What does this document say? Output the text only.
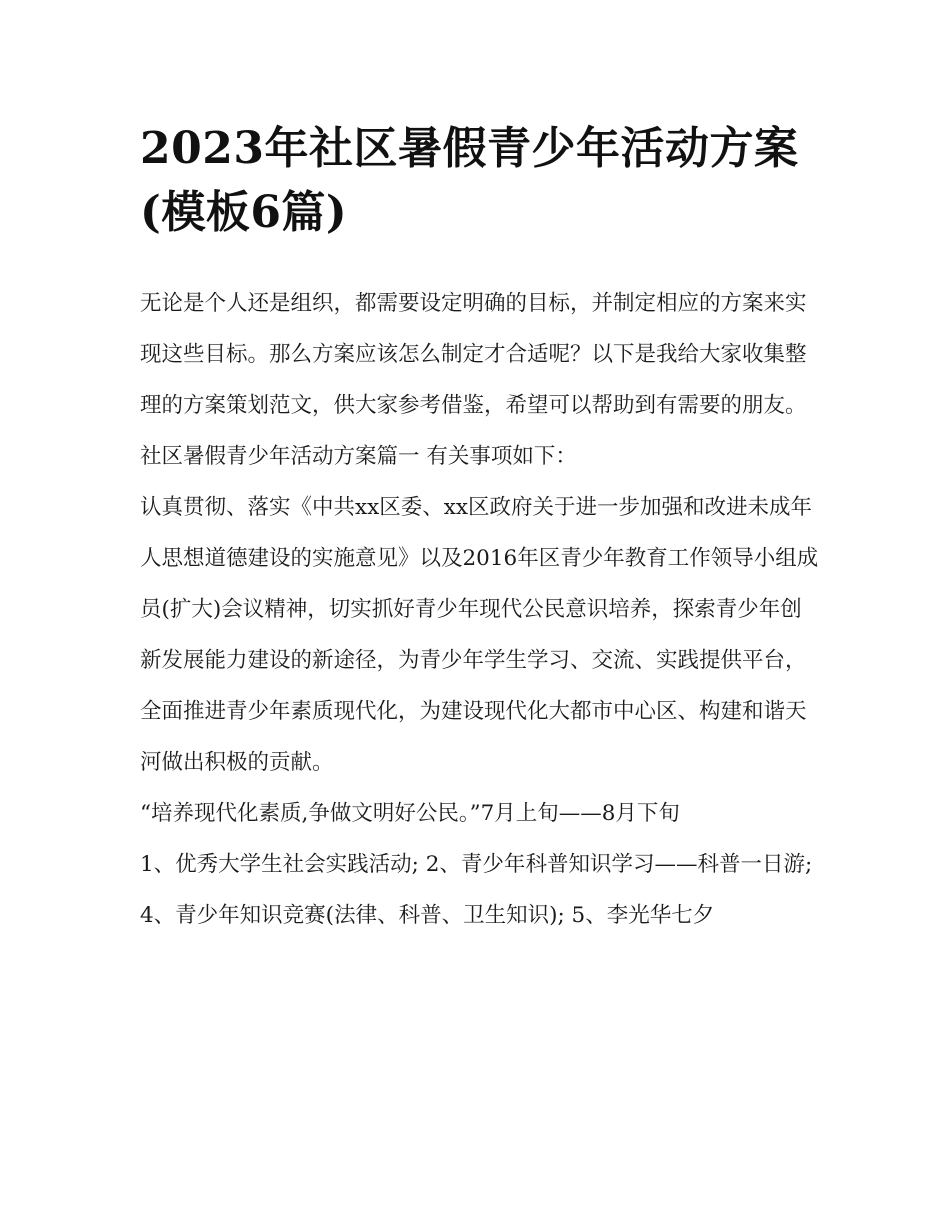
2023年社区暑假青少年活动方案(模板6篇)

无论是个人还是组织，都需要设定明确的目标，并制定相应的方案来实现这些目标。那么方案应该怎么制定才合适呢？以下是我给大家收集整理的方案策划范文，供大家参考借鉴，希望可以帮助到有需要的朋友。

社区暑假青少年活动方案篇一 有关事项如下：

认真贯彻、落实《中共xx区委、xx区政府关于进一步加强和改进未成年人思想道德建设的实施意见》以及2016年区青少年教育工作领导小组成员(扩大)会议精神，切实抓好青少年现代公民意识培养，探索青少年创新发展能力建设的新途径，为青少年学生学习、交流、实践提供平台，全面推进青少年素质现代化，为建设现代化大都市中心区、构建和谐天河做出积极的贡献。

“培养现代化素质,争做文明好公民。”7月上旬——8月下旬

1、优秀大学生社会实践活动; 2、青少年科普知识学习——科普一日游;

4、青少年知识竞赛(法律、科普、卫生知识); 5、李光华七夕
